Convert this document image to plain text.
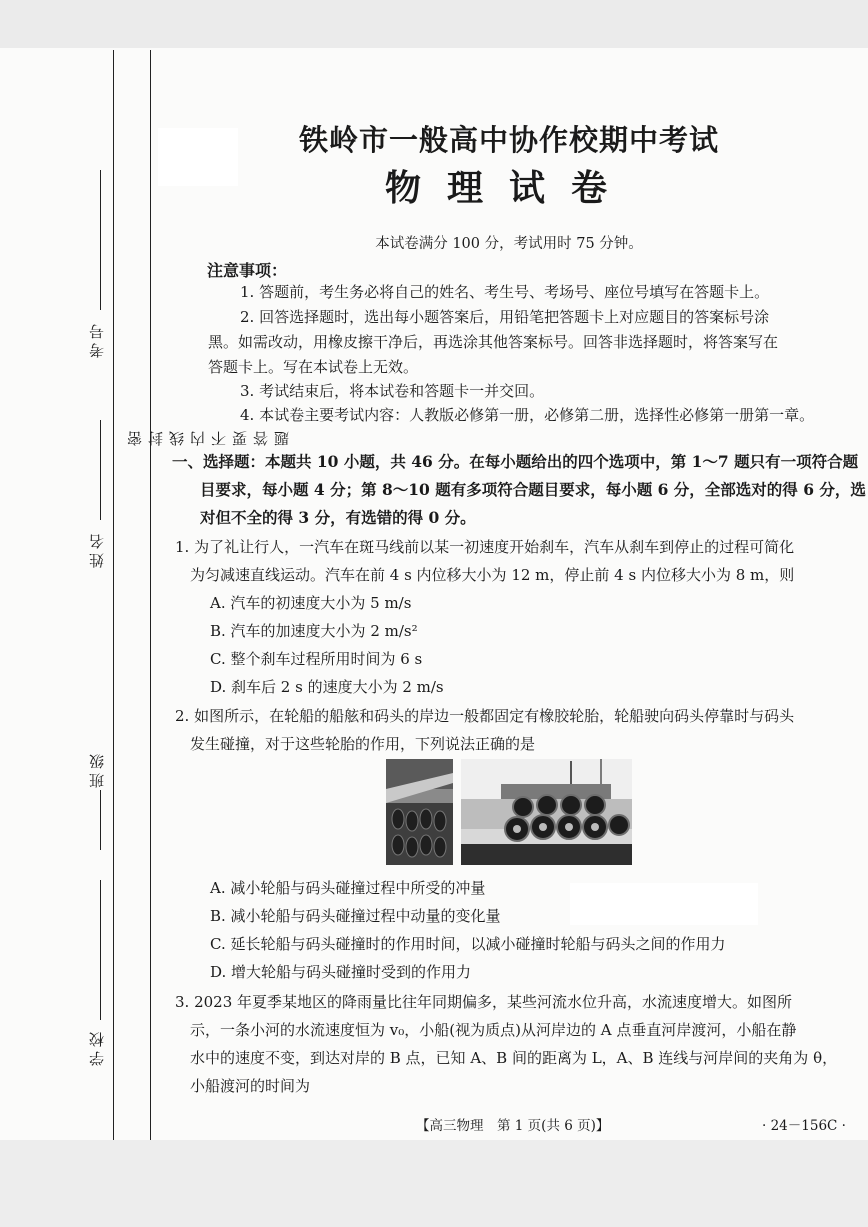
考号
姓名
班级
学校
密 封 线 内 不 要 答 题
铁岭市一般高中协作校期中考试
物理试卷
本试卷满分 100 分，考试用时 75 分钟。
注意事项：
1. 答题前，考生务必将自己的姓名、考生号、考场号、座位号填写在答题卡上。
2. 回答选择题时，选出每小题答案后，用铅笔把答题卡上对应题目的答案标号涂
黑。如需改动，用橡皮擦干净后，再选涂其他答案标号。回答非选择题时，将答案写在
答题卡上。写在本试卷上无效。
3. 考试结束后，将本试卷和答题卡一并交回。
4. 本试卷主要考试内容：人教版必修第一册，必修第二册，选择性必修第一册第一章。
一、选择题：本题共 10 小题，共 46 分。在每小题给出的四个选项中，第 1～7 题只有一项符合题
目要求，每小题 4 分；第 8～10 题有多项符合题目要求，每小题 6 分，全部选对的得 6 分，选
对但不全的得 3 分，有选错的得 0 分。
1. 为了礼让行人，一汽车在斑马线前以某一初速度开始刹车，汽车从刹车到停止的过程可简化
为匀减速直线运动。汽车在前 4 s 内位移大小为 12 m，停止前 4 s 内位移大小为 8 m，则
A. 汽车的初速度大小为 5 m/s
B. 汽车的加速度大小为 2 m/s²
C. 整个刹车过程所用时间为 6 s
D. 刹车后 2 s 的速度大小为 2 m/s
2. 如图所示，在轮船的船舷和码头的岸边一般都固定有橡胶轮胎，轮船驶向码头停靠时与码头
发生碰撞，对于这些轮胎的作用，下列说法正确的是
A. 减小轮船与码头碰撞过程中所受的冲量
B. 减小轮船与码头碰撞过程中动量的变化量
C. 延长轮船与码头碰撞时的作用时间，以减小碰撞时轮船与码头之间的作用力
D. 增大轮船与码头碰撞时受到的作用力
3. 2023 年夏季某地区的降雨量比往年同期偏多，某些河流水位升高，水流速度增大。如图所
示，一条小河的水流速度恒为 v₀，小船(视为质点)从河岸边的 A 点垂直河岸渡河，小船在静
水中的速度不变，到达对岸的 B 点，已知 A、B 间的距离为 L，A、B 连线与河岸间的夹角为 θ，
小船渡河的时间为
【高三物理　第 1 页(共 6 页)】	· 24－156C ·
